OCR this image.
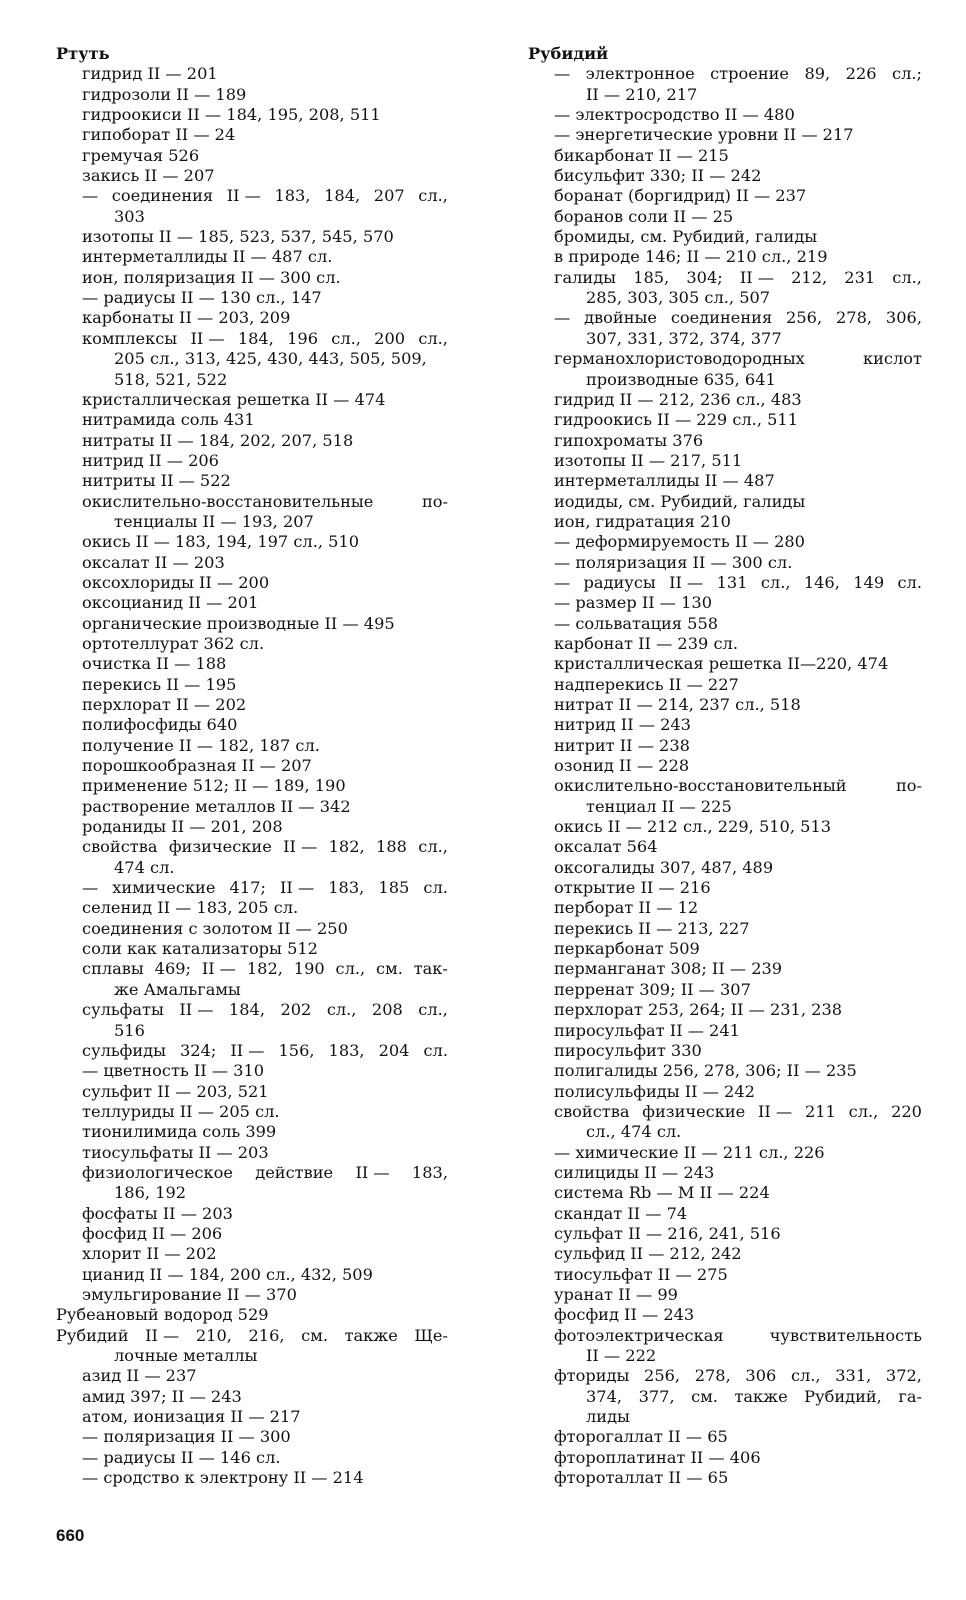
Ртуть
гидрид II — 201
гидрозоли II — 189
гидроокиси II — 184, 195, 208, 511
гипоборат II — 24
гремучая 526
закись II — 207
— соединения II — 183, 184, 207 сл.,
303
изотопы II — 185, 523, 537, 545, 570
интерметаллиды II — 487 сл.
ион, поляризация II — 300 сл.
— радиусы II — 130 сл., 147
карбонаты II — 203, 209
комплексы II — 184, 196 сл., 200 сл.,
205 сл., 313, 425, 430, 443, 505, 509,
518, 521, 522
кристаллическая решетка II — 474
нитрамида соль 431
нитраты II — 184, 202, 207, 518
нитрид II — 206
нитриты II — 522
окислительно-восстановительные	по-
тенциалы II — 193, 207
окись II — 183, 194, 197 сл., 510
оксалат II — 203
оксохлориды II — 200
оксоцианид II — 201
органические производные II — 495
ортотеллурат 362 сл.
очистка II — 188
перекись II — 195
перхлорат II — 202
полифосфиды 640
получение II — 182, 187 сл.
порошкообразная II — 207
применение 512; II — 189, 190
растворение металлов II — 342
роданиды II — 201, 208
свойства физические II — 182, 188 сл.,
474 сл.
— химические 417; II — 183, 185 сл.
селенид II — 183, 205 сл.
соединения с золотом II — 250
соли как катализаторы 512
сплавы 469; II — 182, 190 сл., см. так-
же Амальгамы
сульфаты II — 184, 202 сл., 208 сл.,
516
сульфиды 324; II — 156, 183, 204 сл.
— цветность II — 310
сульфит II — 203, 521
теллуриды II — 205 сл.
тионилимида соль 399
тиосульфаты II — 203
физиологическое действие II — 183,
186, 192
фосфаты II — 203
фосфид II — 206
хлорит II — 202
цианид II — 184, 200 сл., 432, 509
эмульгирование II — 370
Рубеановый водород 529
Рубидий II — 210, 216, см. также Ще-
лочные металлы
азид II — 237
амид 397; II — 243
атом, ионизация II — 217
— поляризация II — 300
— радиусы II — 146 сл.
— сродство к электрону II — 214
Рубидий
— электронное строение 89, 226 сл.;
II — 210, 217
— электросродство II — 480
— энергетические уровни II — 217
бикарбонат II — 215
бисульфит 330; II — 242
боранат (боргидрид) II — 237
боранов соли II — 25
бромиды, см. Рубидий, галиды
в природе 146; II — 210 сл., 219
галиды 185, 304; II — 212, 231 сл.,
285, 303, 305 сл., 507
— двойные соединения 256, 278, 306,
307, 331, 372, 374, 377
германохлористоводородных	кислот
производные 635, 641
гидрид II — 212, 236 сл., 483
гидроокись II — 229 сл., 511
гипохроматы 376
изотопы II — 217, 511
интерметаллиды II — 487
иодиды, см. Рубидий, галиды
ион, гидратация 210
— деформируемость II — 280
— поляризация II — 300 сл.
— радиусы II — 131 сл., 146, 149 сл.
— размер II — 130
— сольватация 558
карбонат II — 239 сл.
кристаллическая решетка II—220, 474
надперекись II — 227
нитрат II — 214, 237 сл., 518
нитрид II — 243
нитрит II — 238
озонид II — 228
окислительно-восстановительный	по-
тенциал II — 225
окись II — 212 сл., 229, 510, 513
оксалат 564
оксогалиды 307, 487, 489
открытие II — 216
перборат II — 12
перекись II — 213, 227
перкарбонат 509
перманганат 308; II — 239
перренат 309; II — 307
перхлорат 253, 264; II — 231, 238
пиросульфат II — 241
пиросульфит 330
полигалиды 256, 278, 306; II — 235
полисульфиды II — 242
свойства физические II — 211 сл., 220
сл., 474 сл.
— химические II — 211 сл., 226
силициды II — 243
система Rb — M II — 224
скандат II — 74
сульфат II — 216, 241, 516
сульфид II — 212, 242
тиосульфат II — 275
уранат II — 99
фосфид II — 243
фотоэлектрическая	чувствительность
II — 222
фториды 256, 278, 306 сл., 331, 372,
374, 377, см. также Рубидий, га-
лиды
фторогаллат II — 65
фтороплатинат II — 406
фтороталлат II — 65
660
